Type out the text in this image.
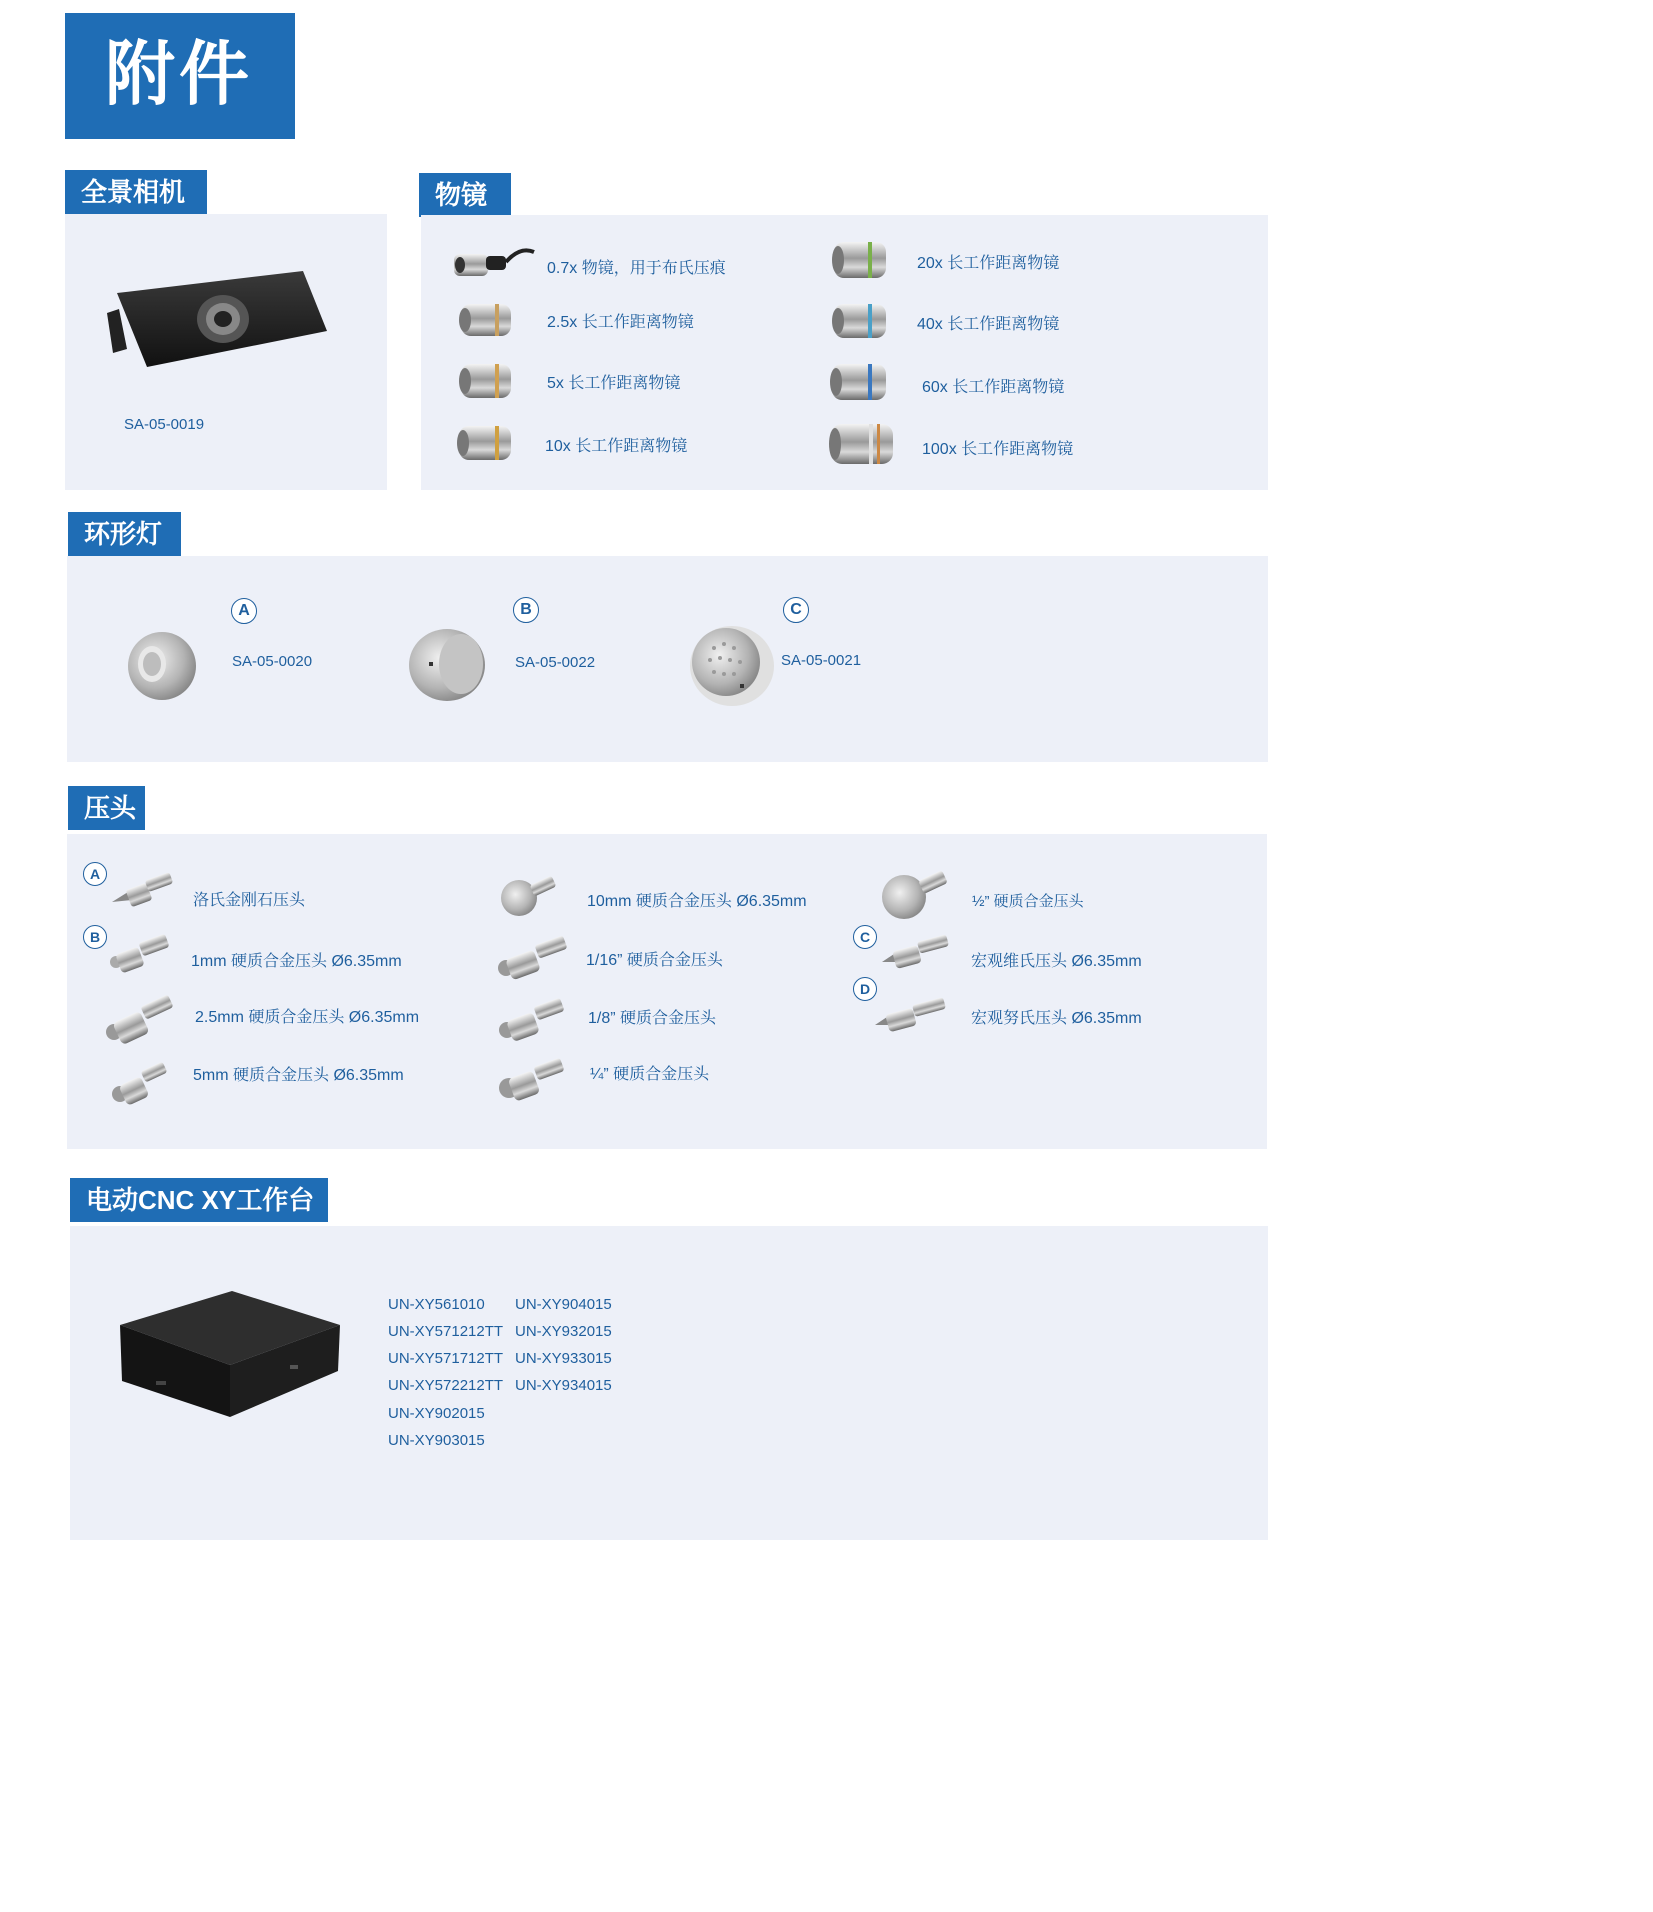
附件
全景相机
SA-05-0019
物镜
0.7x 物镜，用于布氏压痕
2.5x 长工作距离物镜
5x 长工作距离物镜
10x 长工作距离物镜
20x 长工作距离物镜
40x 长工作距离物镜
60x 长工作距离物镜
100x 长工作距离物镜
环形灯
A
SA-05-0020
B
SA-05-0022
C
SA-05-0021
压头
A
B	C
D
洛氏金刚石压头
1mm 硬质合金压头 Ø6.35mm
2.5mm 硬质合金压头 Ø6.35mm
5mm 硬质合金压头 Ø6.35mm
10mm 硬质合金压头 Ø6.35mm
1/16” 硬质合金压头
1/8” 硬质合金压头
¼” 硬质合金压头
½” 硬质合金压头
宏观维氏压头 Ø6.35mm
宏观努氏压头 Ø6.35mm
电动CNC XY工作台
UN-XY561010
UN-XY571212TT
UN-XY571712TT
UN-XY572212TT
UN-XY902015
UN-XY903015
UN-XY904015
UN-XY932015
UN-XY933015
UN-XY934015
